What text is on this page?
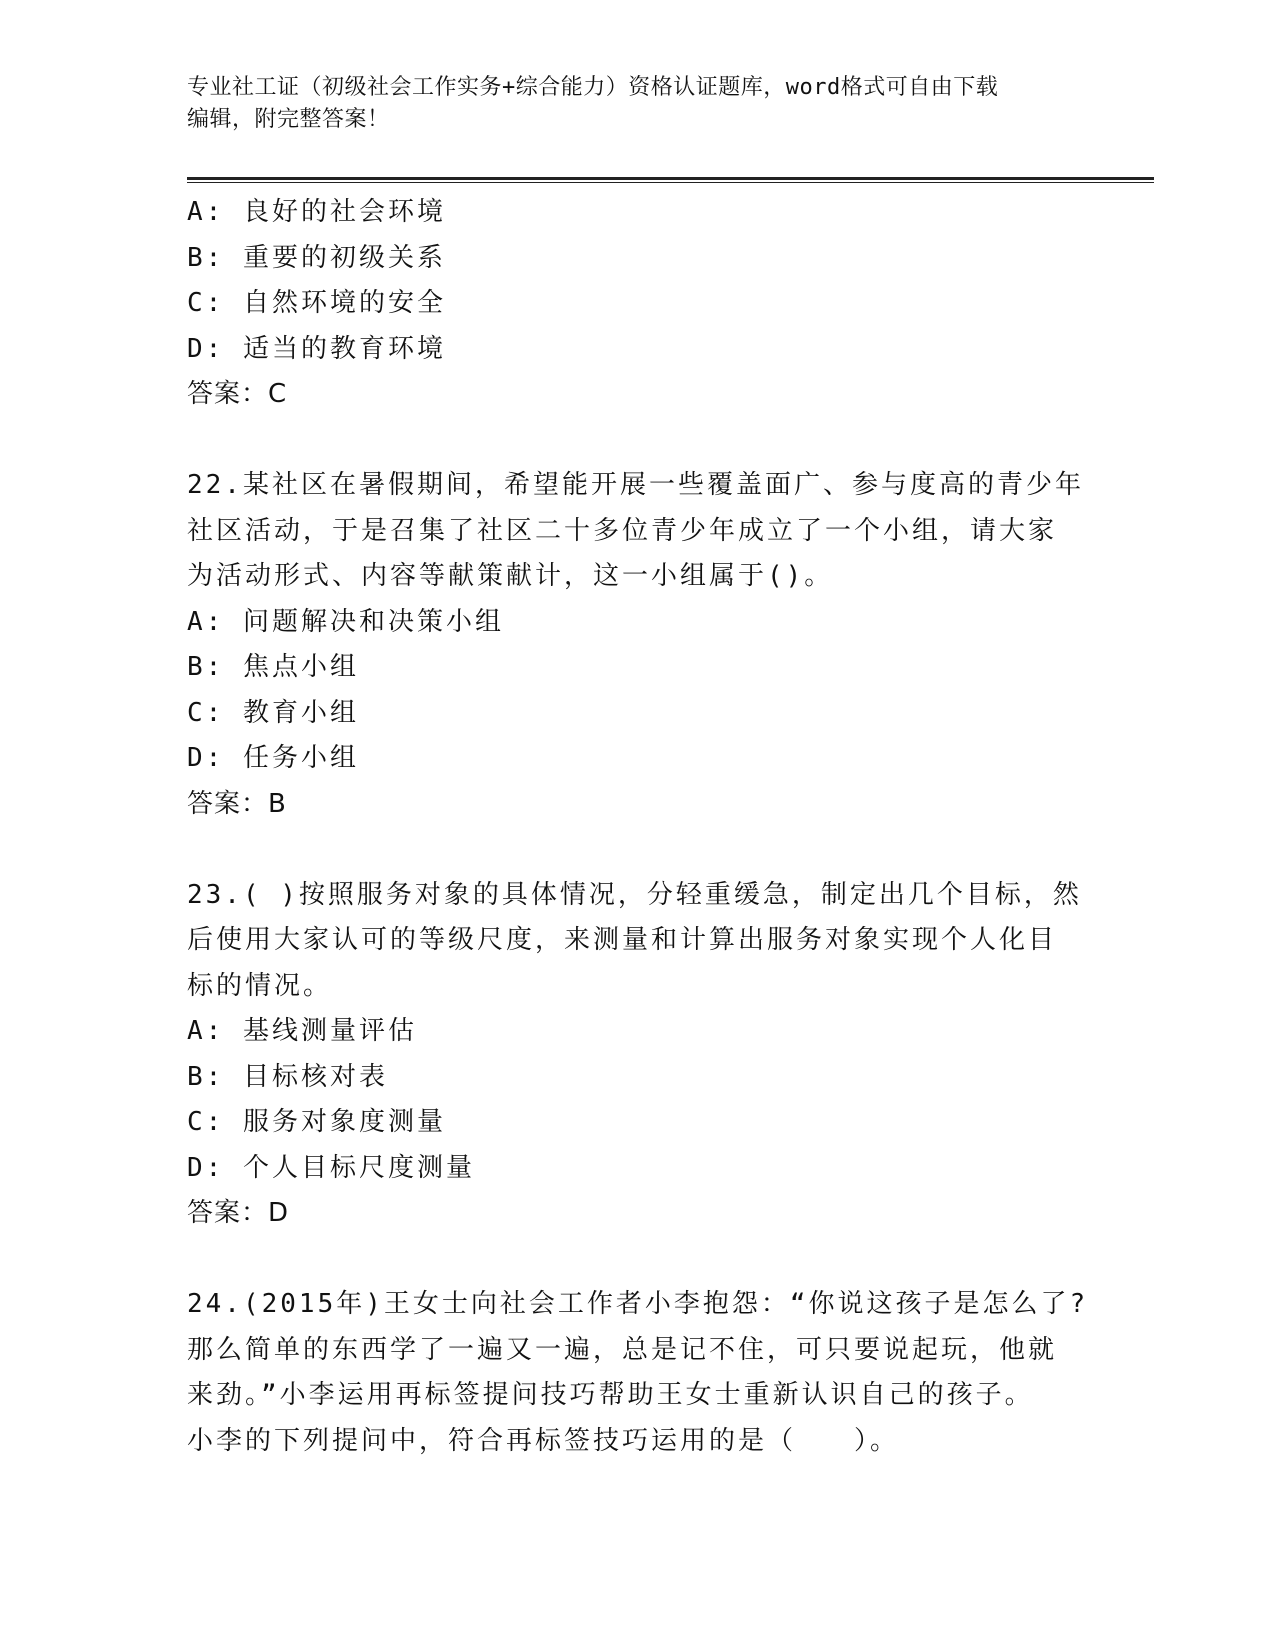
专业社工证（初级社会工作实务+综合能力）资格认证题库，word格式可自由下载
编辑，附完整答案！
A: 良好的社会环境
B: 重要的初级关系
C: 自然环境的安全
D: 适当的教育环境
答案：C
22.某社区在暑假期间，希望能开展一些覆盖面广、参与度高的青少年
社区活动，于是召集了社区二十多位青少年成立了一个小组，请大家
为活动形式、内容等献策献计，这一小组属于()。
A: 问题解决和决策小组
B: 焦点小组
C: 教育小组
D: 任务小组
答案：B
23.( )按照服务对象的具体情况，分轻重缓急，制定出几个目标，然
后使用大家认可的等级尺度，来测量和计算出服务对象实现个人化目
标的情况。
A: 基线测量评估
B: 目标核对表
C: 服务对象度测量
D: 个人目标尺度测量
答案：D
24.(2015年)王女士向社会工作者小李抱怨：“你说这孩子是怎么了?
那么简单的东西学了一遍又一遍，总是记不住，可只要说起玩，他就
来劲。”小李运用再标签提问技巧帮助王女士重新认识自己的孩子。
小李的下列提问中，符合再标签技巧运用的是（　　）。
